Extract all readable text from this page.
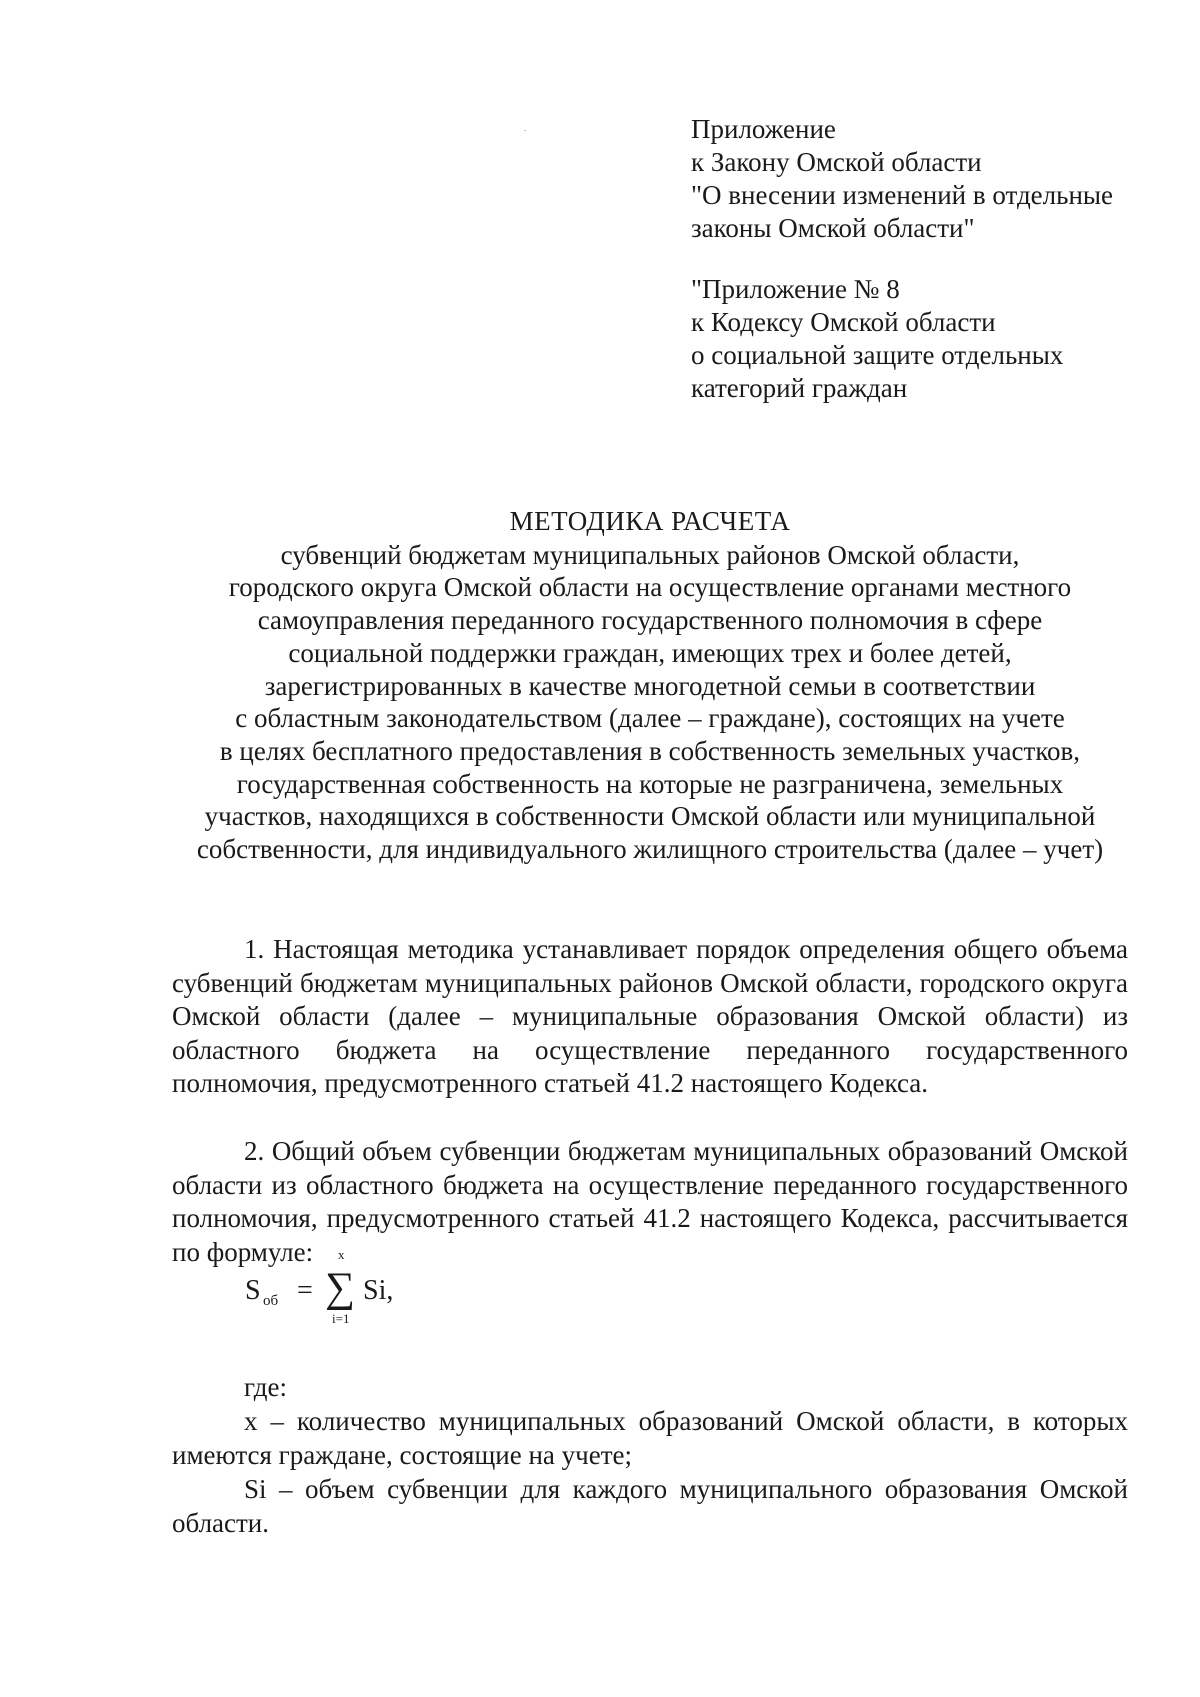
Приложение
к Закону Омской области
"О внесении изменений в отдельные
законы Омской области"
"Приложение № 8
к Кодексу Омской области
о социальной защите отдельных
категорий граждан
МЕТОДИКА РАСЧЕТА
субвенций бюджетам муниципальных районов Омской области,
городского округа Омской области на осуществление органами местного
самоуправления переданного государственного полномочия в сфере
социальной поддержки граждан, имеющих трех и более детей,
зарегистрированных в качестве многодетной семьи в соответствии
с областным законодательством (далее – граждане), состоящих на учете
в целях бесплатного предоставления в собственность земельных участков,
государственная собственность на которые не разграничена, земельных
участков, находящихся в собственности Омской области или муниципальной
собственности, для индивидуального жилищного строительства (далее – учет)

1. Настоящая методика устанавливает порядок определения общего объема субвенций бюджетам муниципальных районов Омской области, городского округа Омской области (далее – муниципальные образования Омской области) из областного бюджета на осуществление переданного государственного полномочия, предусмотренного статьей 41.2 настоящего Кодекса.

2. Общий объем субвенции бюджетам муниципальных образований Омской области из областного бюджета на осуществление переданного государственного полномочия, предусмотренного статьей 41.2 настоящего Кодекса, рассчитывается по формуле:

S об =
x
∑
i=1
Si,
где:

x – количество муниципальных образований Омской области, в которых имеются граждане, состоящие на учете;

Si – объем субвенции для каждого муниципального образования Омской области.
